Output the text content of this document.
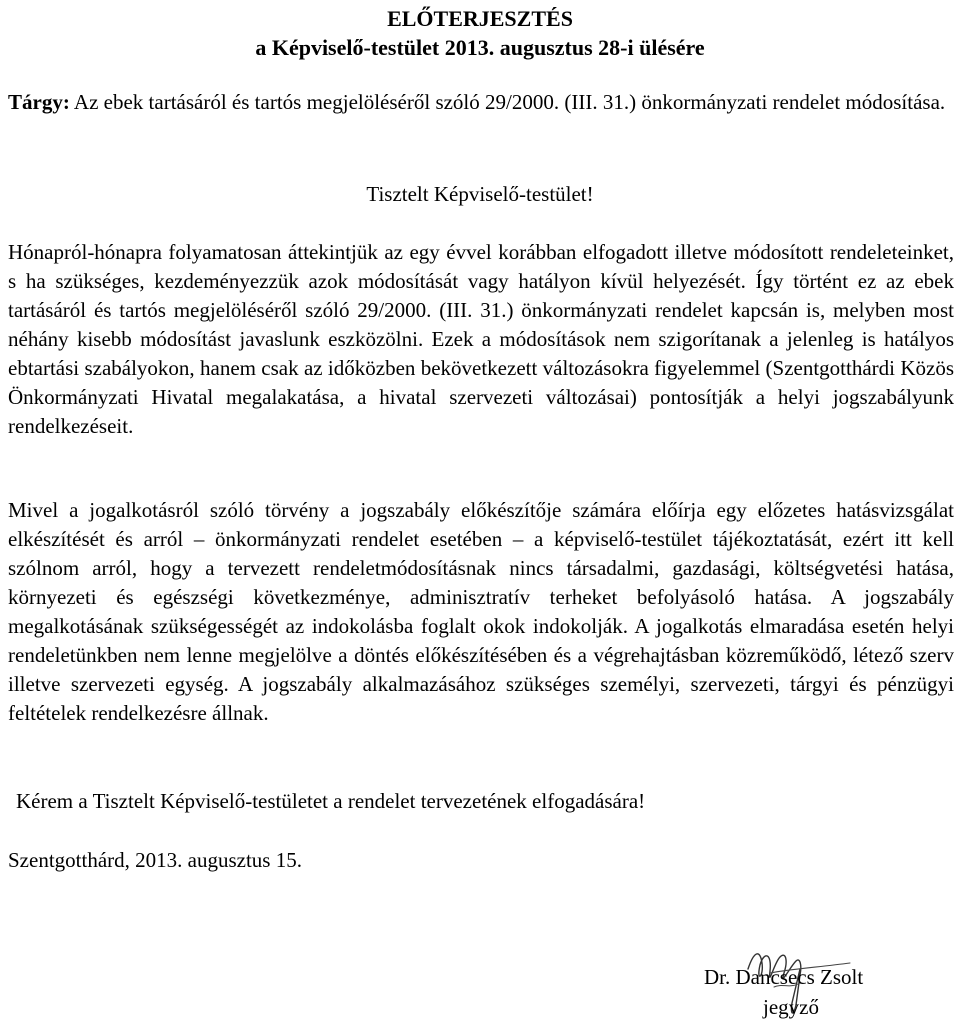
ELŐTERJESZTÉS
a Képviselő-testület 2013. augusztus 28-i ülésére
Tárgy: Az ebek tartásáról és tartós megjelöléséről szóló 29/2000. (III. 31.) önkormányzati rendelet módosítása.
Tisztelt Képviselő-testület!
Hónapról-hónapra folyamatosan áttekintjük az egy évvel korábban elfogadott illetve módosított rendeleteinket, s ha szükséges, kezdeményezzük azok módosítását vagy hatályon kívül helyezését. Így történt ez az ebek tartásáról és tartós megjelöléséről szóló 29/2000. (III. 31.) önkormányzati rendelet kapcsán is, melyben most néhány kisebb módosítást javaslunk eszközölni. Ezek a módosítások nem szigorítanak a jelenleg is hatályos ebtartási szabályokon, hanem csak az időközben bekövetkezett változásokra figyelemmel (Szentgotthárdi Közös Önkormányzati Hivatal megalakatása, a hivatal szervezeti változásai) pontosítják a helyi jogszabályunk rendelkezéseit.
Mivel a jogalkotásról szóló törvény a jogszabály előkészítője számára előírja egy előzetes hatásvizsgálat elkészítését és arról – önkormányzati rendelet esetében – a képviselő-testület tájékoztatását, ezért itt kell szólnom arról, hogy a tervezett rendeletmódosításnak nincs társadalmi, gazdasági, költségvetési hatása, környezeti és egészségi következménye, adminisztratív terheket befolyásoló hatása. A jogszabály megalkotásának szükségességét az indokolásba foglalt okok indokolják. A jogalkotás elmaradása esetén helyi rendeletünkben nem lenne megjelölve a döntés előkészítésében és a végrehajtásban közreműködő, létező szerv illetve szervezeti egység. A jogszabály alkalmazásához szükséges személyi, szervezeti, tárgyi és pénzügyi feltételek rendelkezésre állnak.
Kérem a Tisztelt Képviselő-testületet a rendelet tervezetének elfogadására!
Szentgotthárd, 2013. augusztus 15.
Dr. Dancsecs Zsolt
jegyző
